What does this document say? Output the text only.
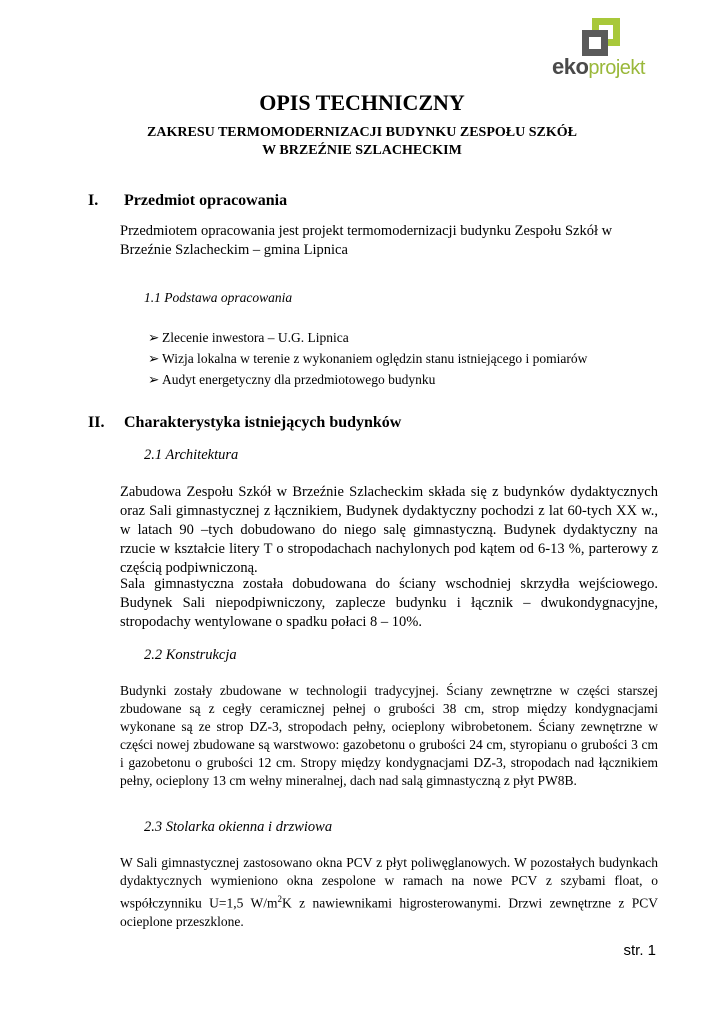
ekoprojekt
OPIS TECHNICZNY
ZAKRESU TERMOMODERNIZACJI BUDYNKU ZESPOŁU SZKÓŁ
W BRZEŹNIE SZLACHECKIM
I. Przedmiot opracowania
Przedmiotem opracowania jest projekt termomodernizacji budynku Zespołu Szkół w Brzeźnie Szlacheckim – gmina Lipnica
1.1 Podstawa opracowania
➢ Zlecenie inwestora – U.G. Lipnica
➢ Wizja lokalna w terenie z wykonaniem oględzin stanu istniejącego i pomiarów
➢ Audyt energetyczny dla przedmiotowego budynku
II. Charakterystyka istniejących budynków
2.1 Architektura
Zabudowa Zespołu Szkół w Brzeźnie Szlacheckim składa się z budynków dydaktycznych oraz Sali gimnastycznej z łącznikiem, Budynek dydaktyczny pochodzi z lat 60-tych XX w., w latach 90 –tych dobudowano do niego salę gimnastyczną. Budynek dydaktyczny na rzucie w kształcie litery T o stropodachach nachylonych pod kątem od 6-13 %, parterowy z częścią podpiwniczoną.
Sala gimnastyczna została dobudowana do ściany wschodniej skrzydła wejściowego. Budynek Sali niepodpiwniczony, zaplecze budynku i łącznik – dwukondygnacyjne, stropodachy wentylowane o spadku połaci 8 – 10%.
2.2 Konstrukcja
Budynki zostały zbudowane w technologii tradycyjnej. Ściany zewnętrzne w części starszej zbudowane są z cegły ceramicznej pełnej o grubości 38 cm, strop między kondygnacjami wykonane są ze strop DZ-3, stropodach pełny, ocieplony wibrobetonem. Ściany zewnętrzne w części nowej zbudowane są warstwowo: gazobetonu o grubości 24 cm, styropianu o grubości 3 cm i gazobetonu o grubości 12 cm. Stropy między kondygnacjami DZ-3, stropodach nad łącznikiem pełny, ocieplony 13 cm wełny mineralnej, dach nad salą gimnastyczną z płyt PW8B.
2.3 Stolarka okienna i drzwiowa
W Sali gimnastycznej zastosowano okna PCV z płyt poliwęglanowych. W pozostałych budynkach dydaktycznych wymieniono okna zespolone w ramach na nowe PCV z szybami float, o współczynniku U=1,5 $W/m^2K$ z nawiewnikami higrosterowanymi. Drzwi zewnętrzne z PCV ocieplone przeszklone.
str. 1
